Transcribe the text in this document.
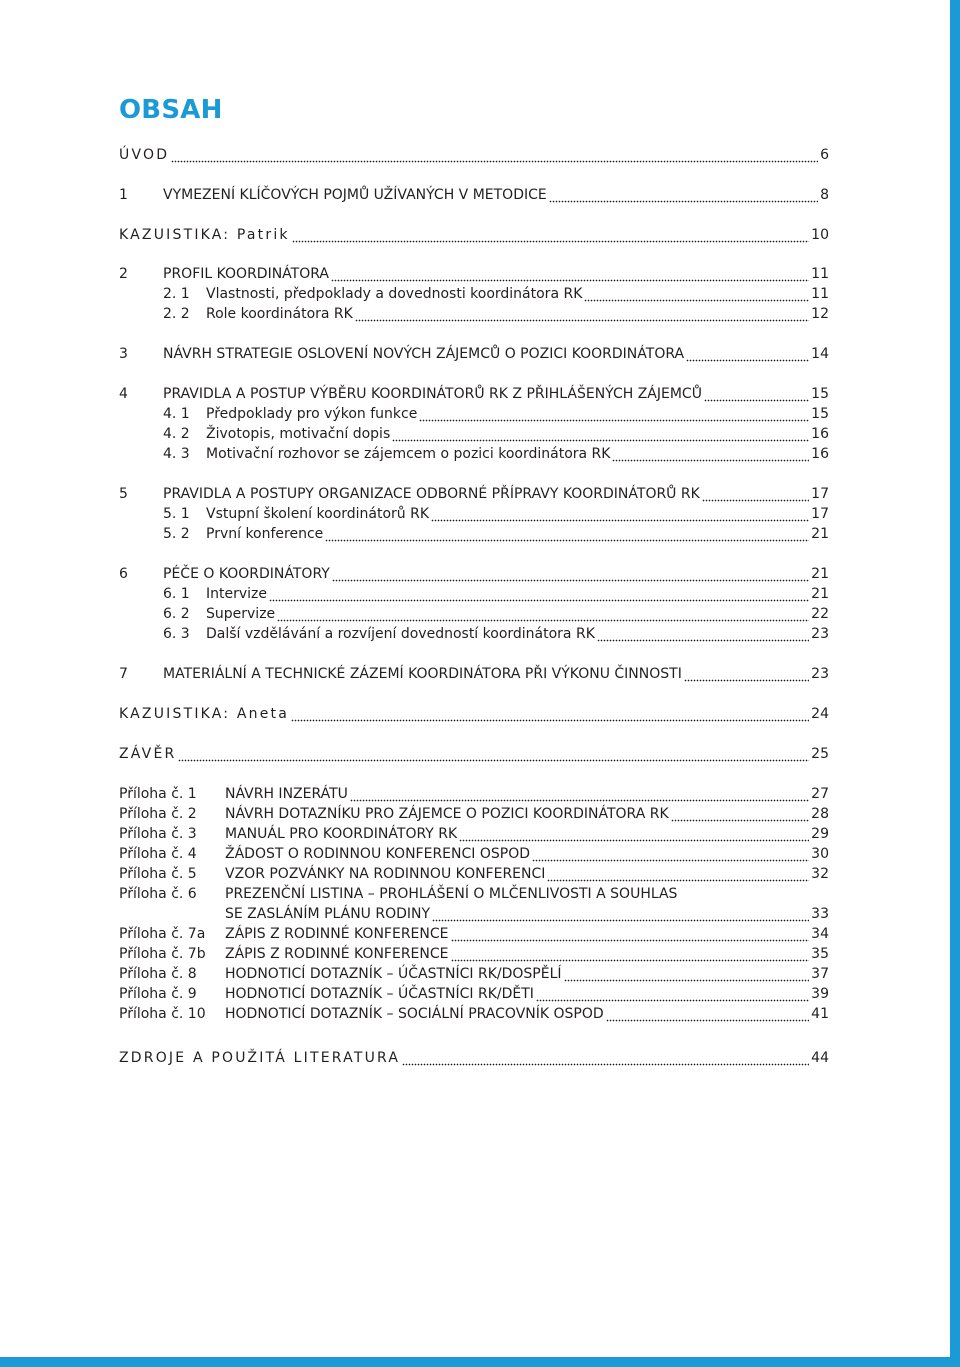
OBSAH
ÚVOD	6
1	VYMEZENÍ KLÍČOVÝCH POJMŮ UŽÍVANÝCH V METODICE	8
KAZUISTIKA: Patrik	10
2	PROFIL KOORDINÁTORA	11
2. 1	Vlastnosti, předpoklady a dovednosti koordinátora RK	11
2. 2	Role koordinátora RK	12
3	NÁVRH STRATEGIE OSLOVENÍ NOVÝCH ZÁJEMCŮ O POZICI KOORDINÁTORA	14
4	PRAVIDLA A POSTUP VÝBĚRU KOORDINÁTORŮ RK Z PŘIHLÁŠENÝCH ZÁJEMCŮ	15
4. 1	Předpoklady pro výkon funkce	15
4. 2	Životopis, motivační dopis	16
4. 3	Motivační rozhovor se zájemcem o pozici koordinátora RK	16
5	PRAVIDLA A POSTUPY ORGANIZACE ODBORNÉ PŘÍPRAVY KOORDINÁTORŮ RK	17
5. 1	Vstupní školení koordinátorů RK	17
5. 2	První konference	21
6	PÉČE O KOORDINÁTORY	21
6. 1	Intervize	21
6. 2	Supervize	22
6. 3	Další vzdělávání a rozvíjení dovedností koordinátora RK	23
7	MATERIÁLNÍ A TECHNICKÉ ZÁZEMÍ KOORDINÁTORA PŘI VÝKONU ČINNOSTI	23
KAZUISTIKA: Aneta	24
ZÁVĚR	25
Příloha č. 1	NÁVRH INZERÁTU	27
Příloha č. 2	NÁVRH DOTAZNÍKU PRO ZÁJEMCE O POZICI KOORDINÁTORA RK	28
Příloha č. 3	MANUÁL PRO KOORDINÁTORY RK	29
Příloha č. 4	ŽÁDOST O RODINNOU KONFERENCI OSPOD	30
Příloha č. 5	VZOR POZVÁNKY NA RODINNOU KONFERENCI	32
Příloha č. 6	PREZENČNÍ LISTINA – PROHLÁŠENÍ O MLČENLIVOSTI A SOUHLAS
SE ZASLÁNÍM PLÁNU RODINY	33
Příloha č. 7a	ZÁPIS Z RODINNÉ KONFERENCE	34
Příloha č. 7b	ZÁPIS Z RODINNÉ KONFERENCE	35
Příloha č. 8	HODNOTICÍ DOTAZNÍK – ÚČASTNÍCI RK/DOSPĚLÍ	37
Příloha č. 9	HODNOTICÍ DOTAZNÍK – ÚČASTNÍCI RK/DĚTI	39
Příloha č. 10	HODNOTICÍ DOTAZNÍK – SOCIÁLNÍ PRACOVNÍK OSPOD	41
ZDROJE A POUŽITÁ LITERATURA	44
